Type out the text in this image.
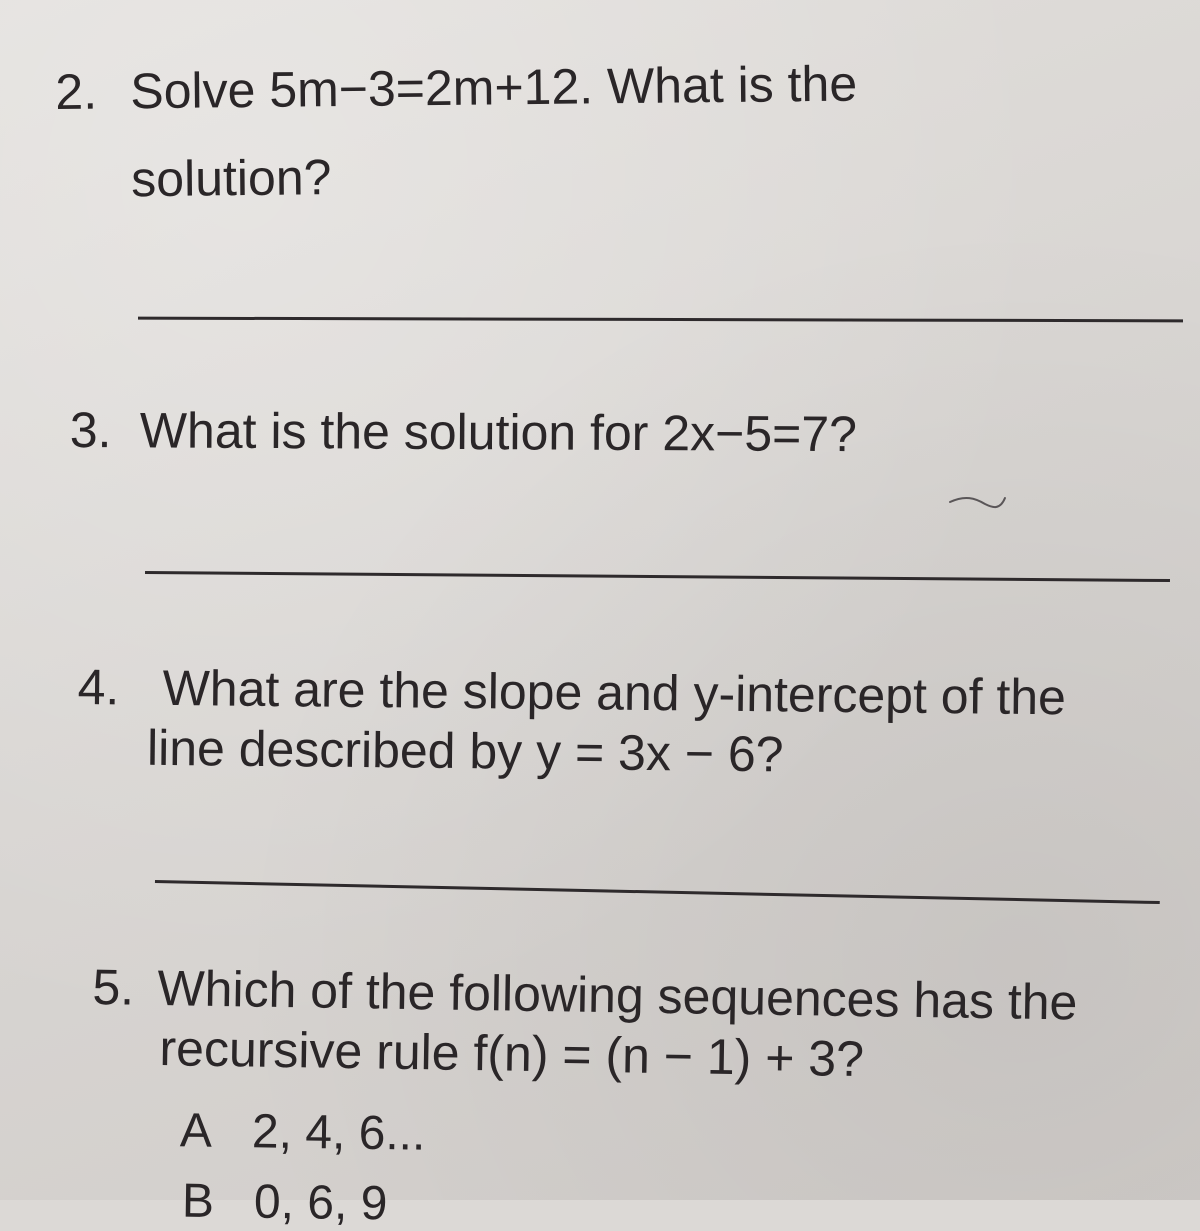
2. Solve 5m−3=2m+12. What is the
solution?
3. What is the solution for 2x−5=7?
4. What are the slope and y-intercept of the
line described by y = 3x − 6?
5. Which of the following sequences has the
recursive rule f(n) = (n − 1) + 3?
A 2, 4, 6...
B 0, 6, 9
